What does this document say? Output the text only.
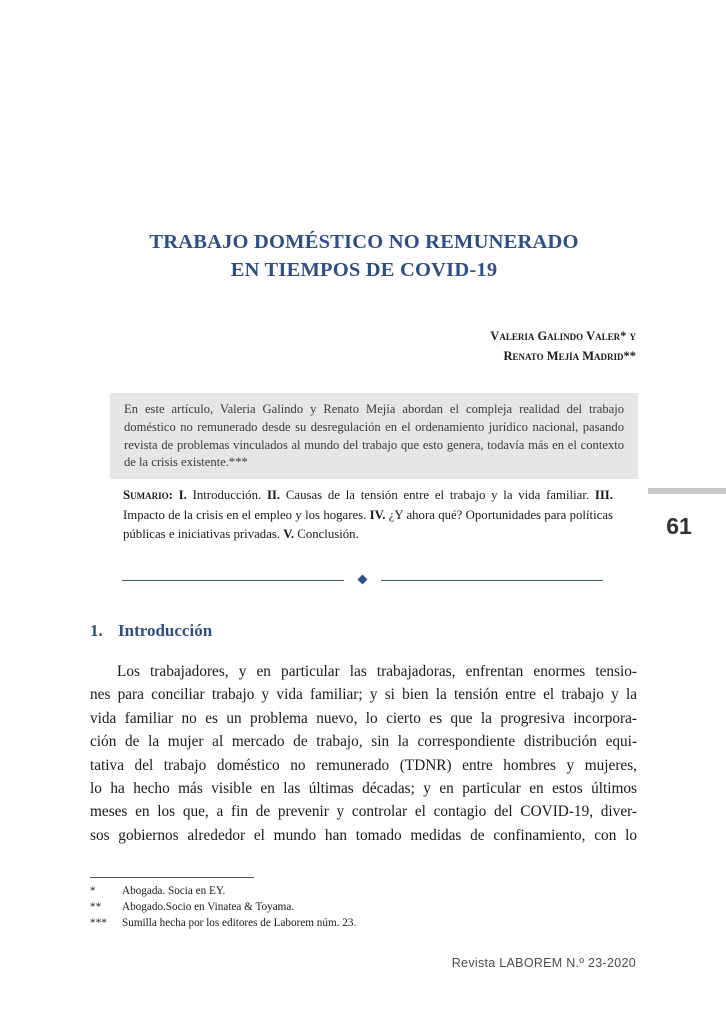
TRABAJO DOMÉSTICO NO REMUNERADO
EN TIEMPOS DE COVID-19
Valeria Galindo Valer* y
Renato Mejía Madrid**
En este artículo, Valeria Galindo y Renato Mejía abordan el compleja realidad del trabajo doméstico no remunerado desde su desregulación en el ordenamiento jurídico nacional, pasando revista de problemas vinculados al mundo del trabajo que esto genera, todavía más en el contexto de la crisis existente.***
Sumario: I. Introducción. II. Causas de la tensión entre el trabajo y la vida familiar. III. Impacto de la crisis en el empleo y los hogares. IV. ¿Y ahora qué? Oportunidades para políticas públicas e iniciativas privadas. V. Conclusión.	61
1. Introducción
Los trabajadores, y en particular las trabajadoras, enfrentan enormes tensio-
nes para conciliar trabajo y vida familiar; y si bien la tensión entre el trabajo y la
vida familiar no es un problema nuevo, lo cierto es que la progresiva incorpora-
ción de la mujer al mercado de trabajo, sin la correspondiente distribución equi-
tativa del trabajo doméstico no remunerado (TDNR) entre hombres y mujeres,
lo ha hecho más visible en las últimas décadas; y en particular en estos últimos
meses en los que, a fin de prevenir y controlar el contagio del COVID-19, diver-
sos gobiernos alrededor el mundo han tomado medidas de confinamiento, con lo
* Abogada. Socia en EY.
** Abogado.Socio en Vinatea & Toyama.
*** Sumilla hecha por los editores de Laborem núm. 23.
Revista LABOREM N.º 23-2020
